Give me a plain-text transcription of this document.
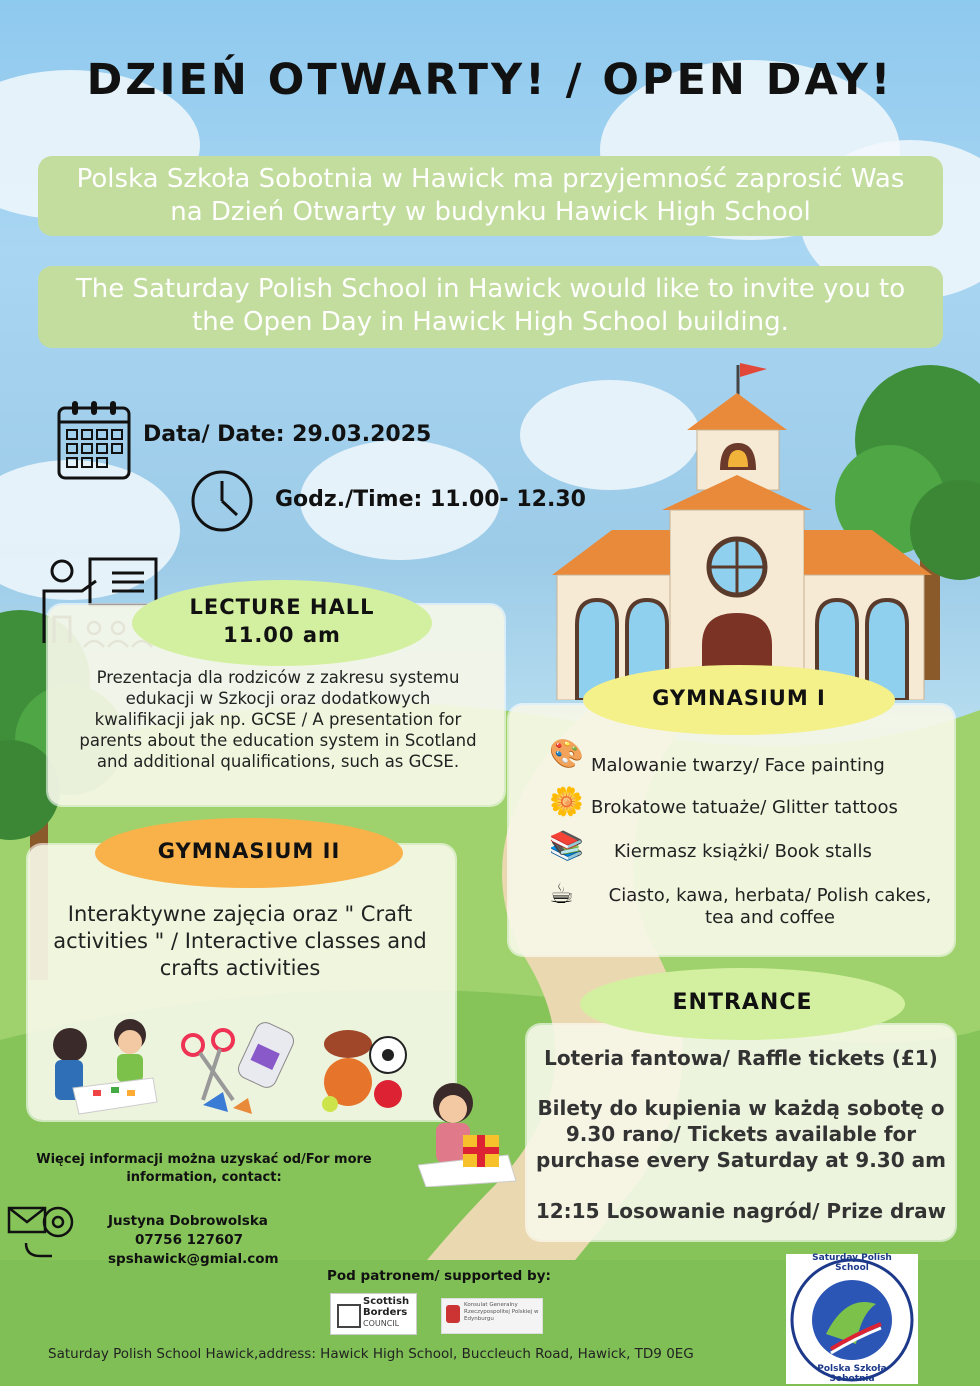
DZIEŃ OTWARTY! / OPEN DAY!
Polska Szkoła Sobotnia w Hawick ma przyjemność zaprosić Was na Dzień Otwarty w budynku Hawick High School
The Saturday Polish School in Hawick would like to invite you to the Open Day in Hawick High School building.
Data/ Date: 29.03.2025
Godz./Time: 11.00- 12.30
Prezentacja dla rodziców z zakresu systemu edukacji w Szkocji oraz dodatkowych kwalifikacji jak np. GCSE / A presentation for parents about the education system in Scotland and additional qualifications, such as GCSE.
LECTURE HALL
11.00 am
🎨 Malowanie twarzy/ Face painting
🌼 Brokatowe tatuaże/ Glitter tattoos
📚	Kiermasz książki/ Book stalls
☕	Ciasto, kawa, herbata/ Polish cakes, tea and coffee
GYMNASIUM I
Interaktywne zajęcia oraz " Craft activities " / Interactive classes and crafts activities
GYMNASIUM II
Loteria fantowa/ Raffle tickets (£1)
Bilety do kupienia w każdą sobotę o 9.30 rano/ Tickets available for purchase every Saturday at 9.30 am
12:15 Losowanie nagród/ Prize draw
ENTRANCE
Więcej informacji można uzyskać od/For more information, contact:
Justyna Dobrowolska
07756 127607
spshawick@gmial.com
Pod patronem/ supported by:
Scottish
Borders
COUNCIL
Konsulat Generalny Rzeczypospolitej Polskiej w Edynburgu
Saturday Polish School
Polska Szkoła Sobotnia
Saturday Polish School Hawick,address: Hawick High School, Buccleuch Road, Hawick, TD9 0EG
